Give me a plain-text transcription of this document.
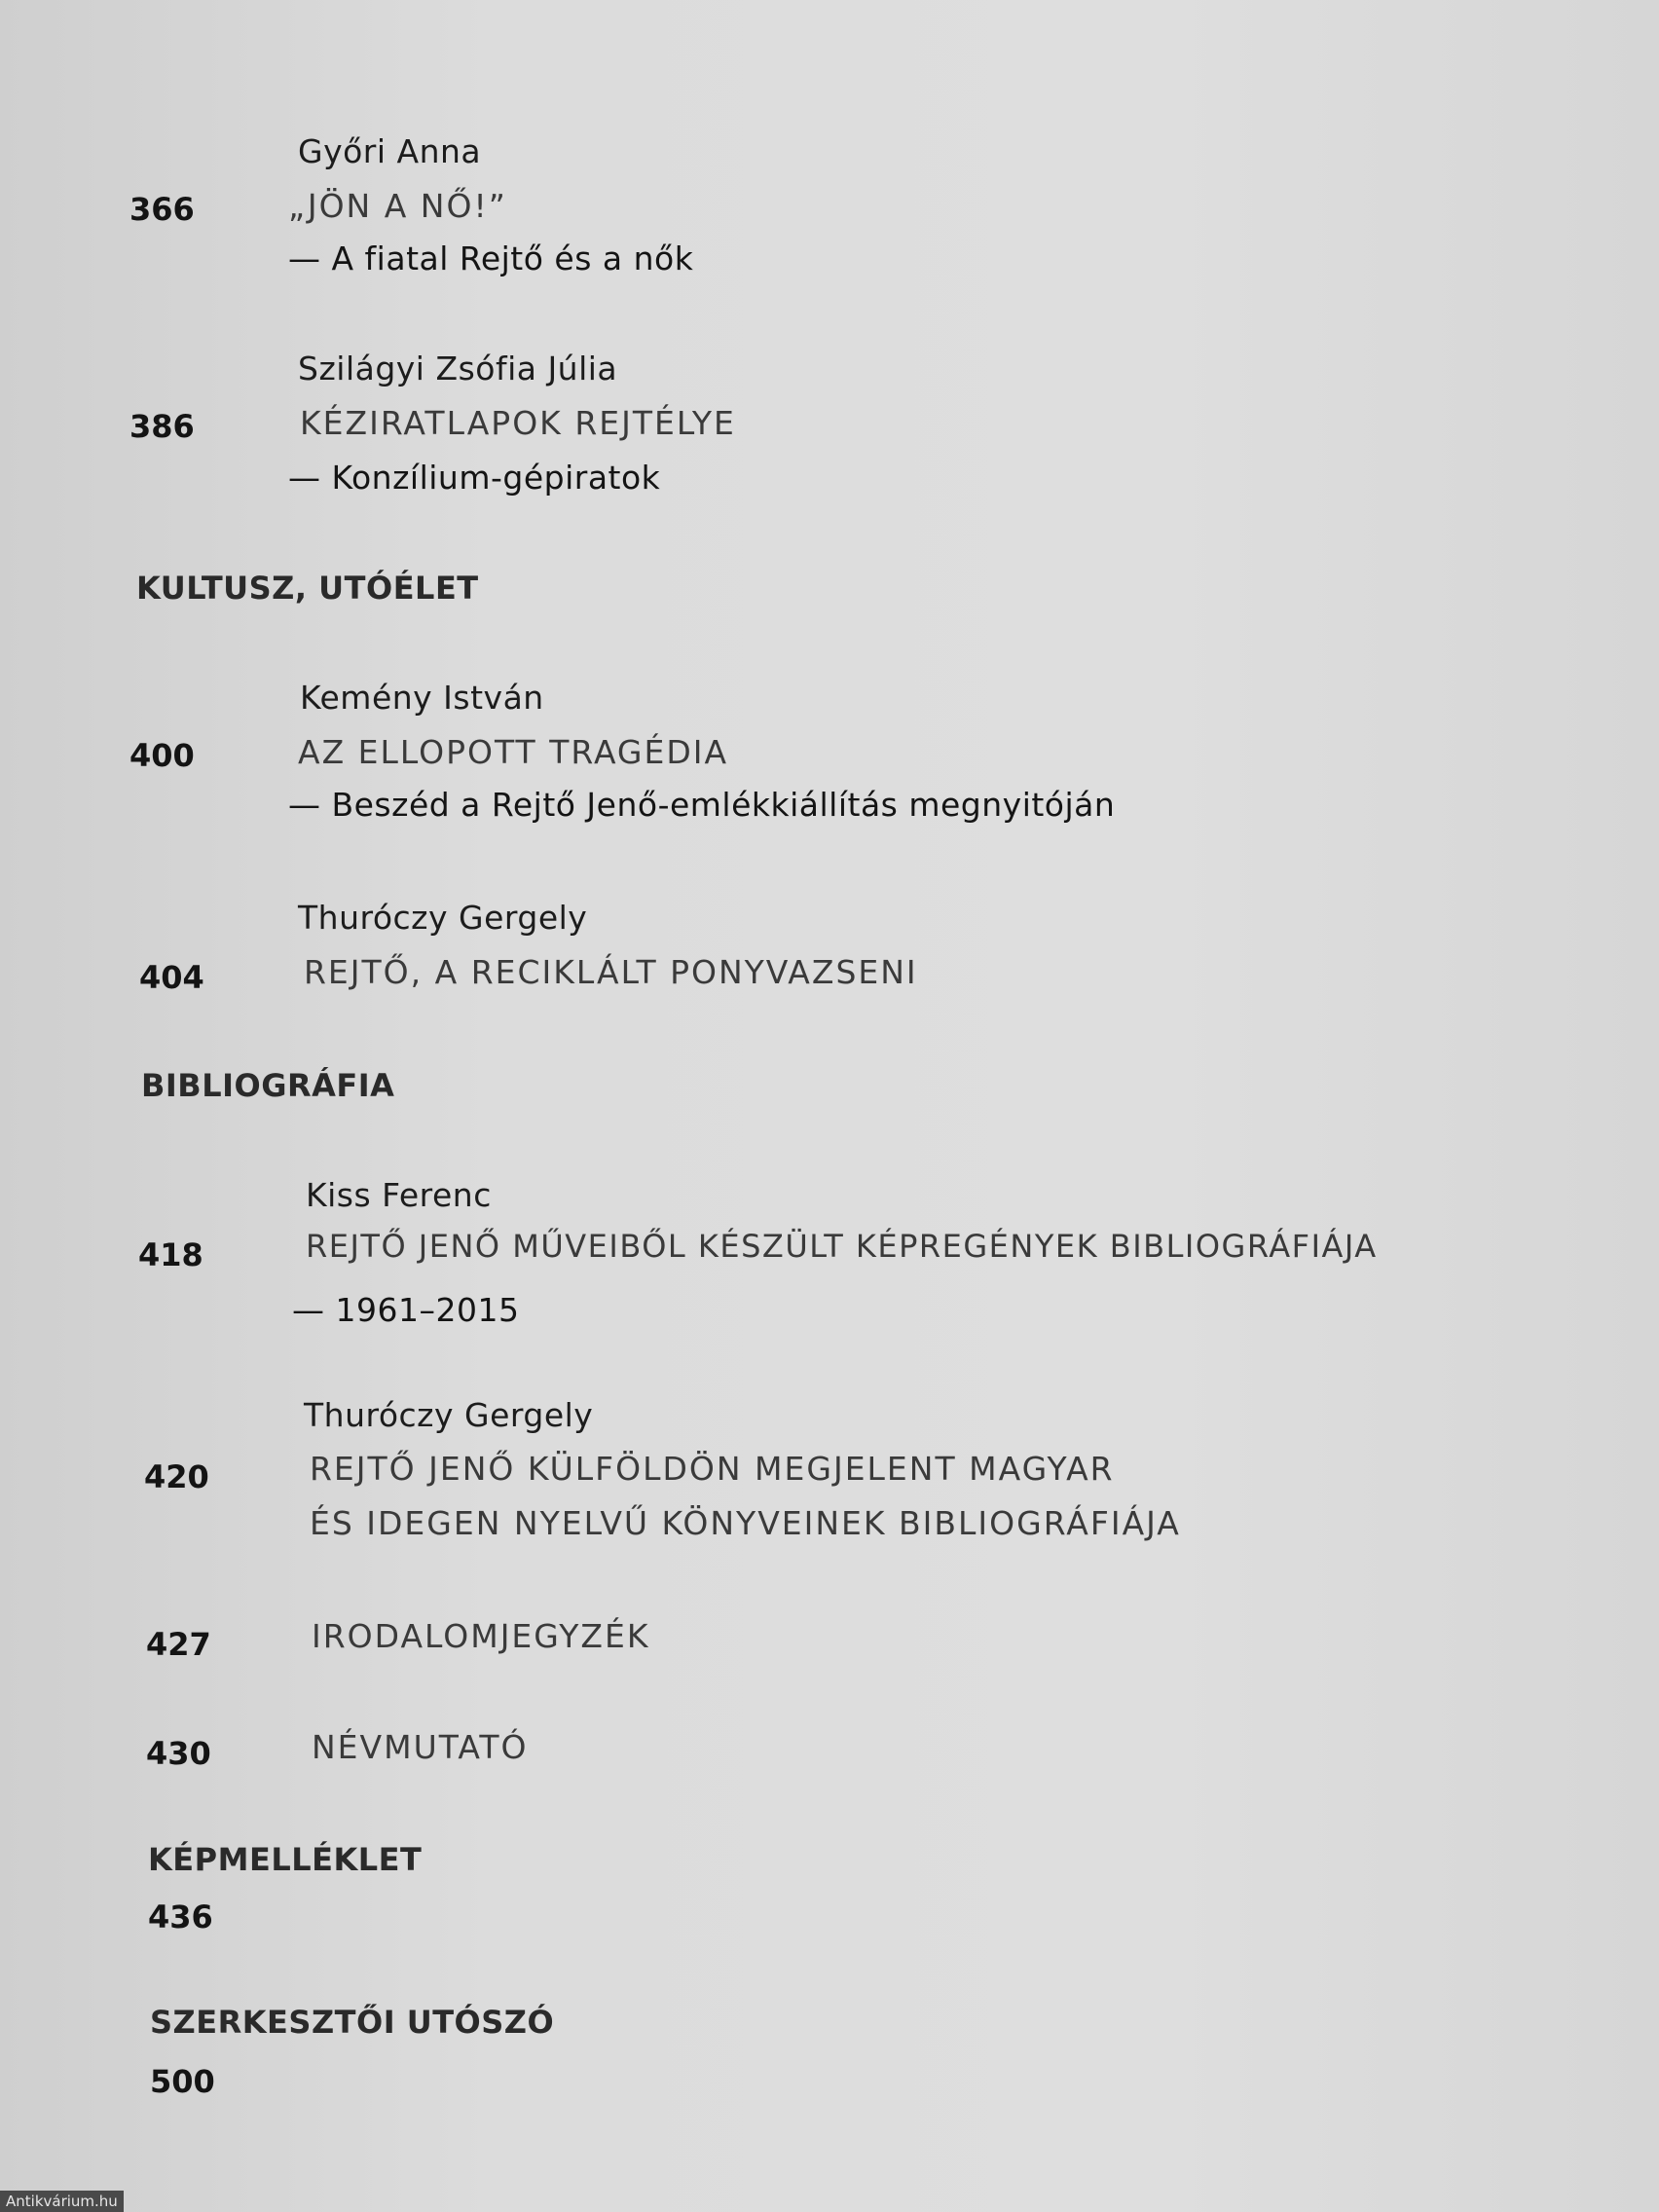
Győri Anna
366	„JÖN A NŐ!”
— A fiatal Rejtő és a nők
Szilágyi Zsófia Júlia
386	KÉZIRATLAPOK REJTÉLYE
— Konzílium-gépiratok
KULTUSZ, UTÓÉLET
Kemény István
400	AZ ELLOPOTT TRAGÉDIA
— Beszéd a Rejtő Jenő-emlékkiállítás megnyitóján
Thuróczy Gergely
404	REJTŐ, A RECIKLÁLT PONYVAZSENI
BIBLIOGRÁFIA
Kiss Ferenc
418	REJTŐ JENŐ MŰVEIBŐL KÉSZÜLT KÉPREGÉNYEK BIBLIOGRÁFIÁJA
— 1961–2015
Thuróczy Gergely
420	REJTŐ JENŐ KÜLFÖLDÖN MEGJELENT MAGYAR
ÉS IDEGEN NYELVŰ KÖNYVEINEK BIBLIOGRÁFIÁJA
427	IRODALOMJEGYZÉK
430	NÉVMUTATÓ
KÉPMELLÉKLET
436
SZERKESZTŐI UTÓSZÓ
500
Antikvárium.hu
